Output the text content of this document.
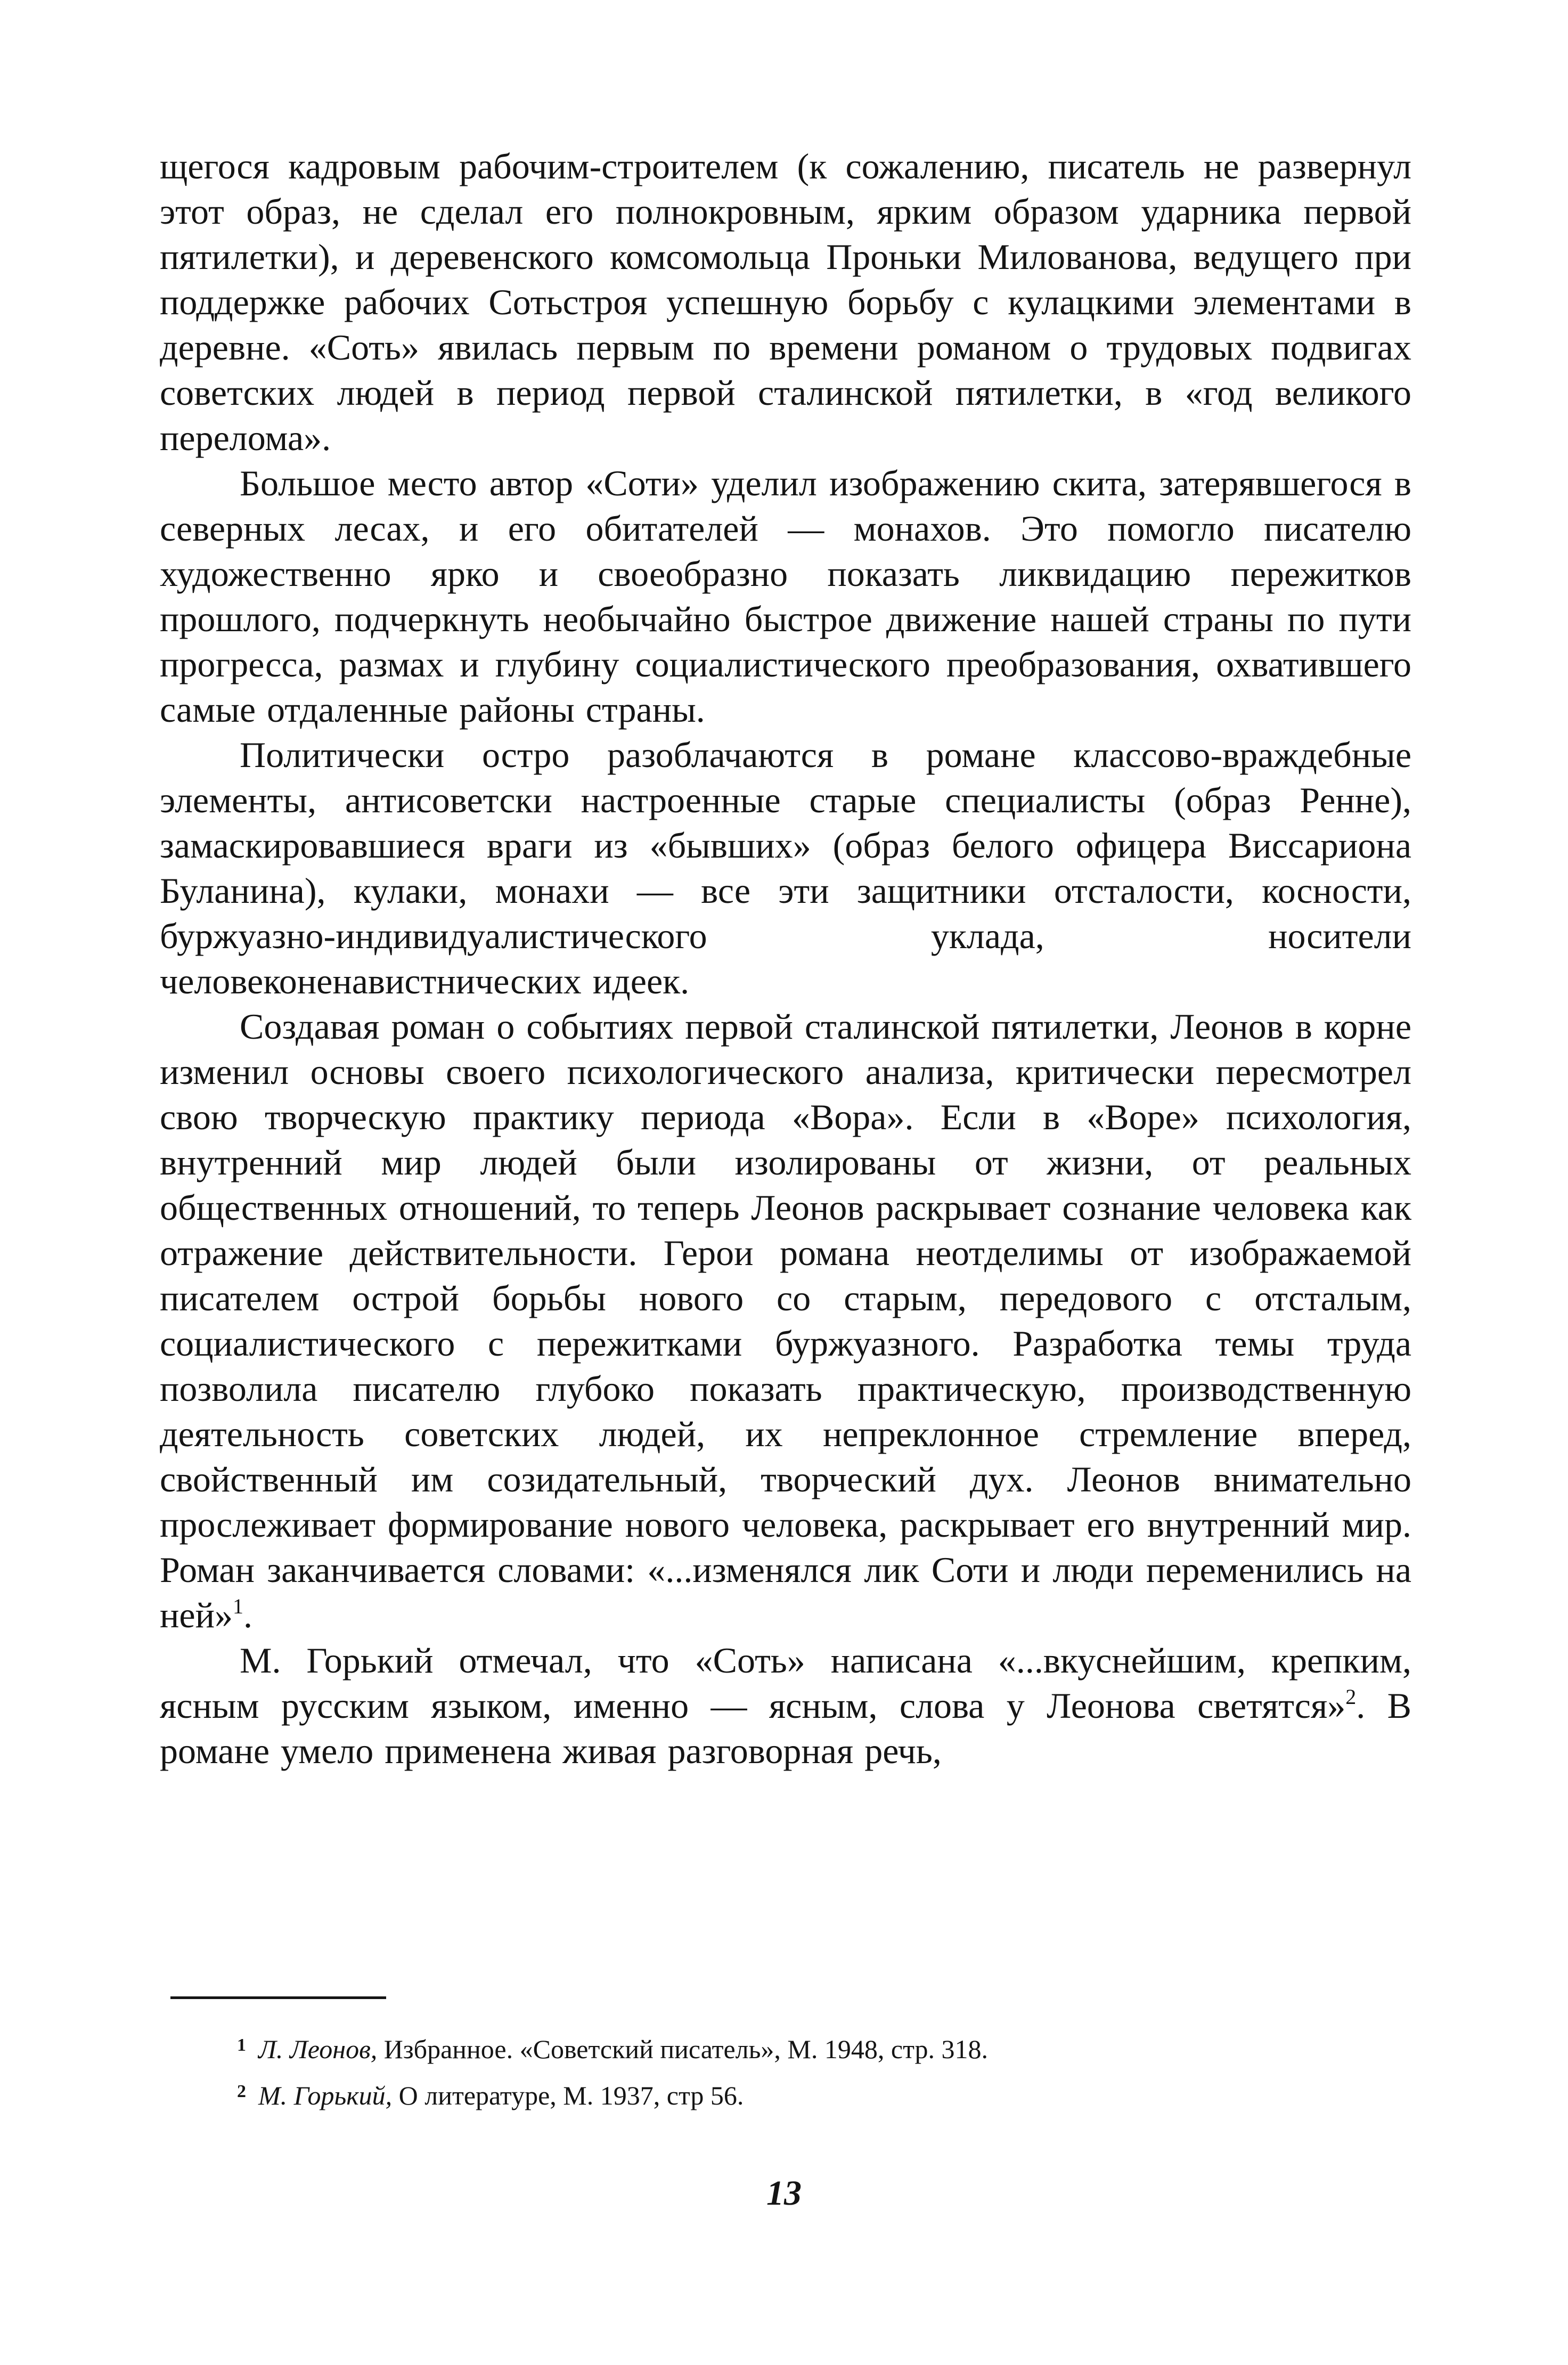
щегося кадровым рабочим-строителем (к сожалению, писатель не развернул этот образ, не сделал его полнокровным, ярким образом ударника первой пятилетки), и деревенского комсомольца Проньки Милованова, ведущего при поддержке рабочих Сотьстроя успешную борьбу с кулацкими элементами в деревне. «Соть» явилась первым по времени романом о трудовых подвигах советских людей в период первой сталинской пятилетки, в «год великого перелома».

Большое место автор «Соти» уделил изображению скита, затерявшегося в северных лесах, и его обитателей — монахов. Это помогло писателю художественно ярко и своеобразно показать ликвидацию пережитков прошлого, подчеркнуть необычайно быстрое движение нашей страны по пути прогресса, размах и глубину социалистического преобразования, охватившего самые отдаленные районы страны.

Политически остро разоблачаются в романе классово-враждебные элементы, антисоветски настроенные старые специалисты (образ Ренне), замаскировавшиеся враги из «бывших» (образ белого офицера Виссариона Буланина), кулаки, монахи — все эти защитники отсталости, косности, буржуазно-индивидуалистического уклада, носители человеконенавистнических идеек.

Создавая роман о событиях первой сталинской пятилетки, Леонов в корне изменил основы своего психологического анализа, критически пересмотрел свою творческую практику периода «Вора». Если в «Воре» психология, внутренний мир людей были изолированы от жизни, от реальных общественных отношений, то теперь Леонов раскрывает сознание человека как отражение действительности. Герои романа неотделимы от изображаемой писателем острой борьбы нового со старым, передового с отсталым, социалистического с пережитками буржуазного. Разработка темы труда позволила писателю глубоко показать практическую, производственную деятельность советских людей, их непреклонное стремление вперед, свойственный им созидательный, творческий дух. Леонов внимательно прослеживает формирование нового человека, раскрывает его внутренний мир. Роман заканчивается словами: «...изменялся лик Соти и люди переменились на ней»$^1$.

М. Горький отмечал, что «Соть» написана «...вкуснейшим, крепким, ясным русским языком, именно — ясным, слова у Леонова светятся»$^2$. В романе умело применена живая разговорная речь,

1 Л. Леонов, Избранное. «Советский писатель», М. 1948, стр. 318.
2 М. Горький, О литературе, М. 1937, стр 56.
13
